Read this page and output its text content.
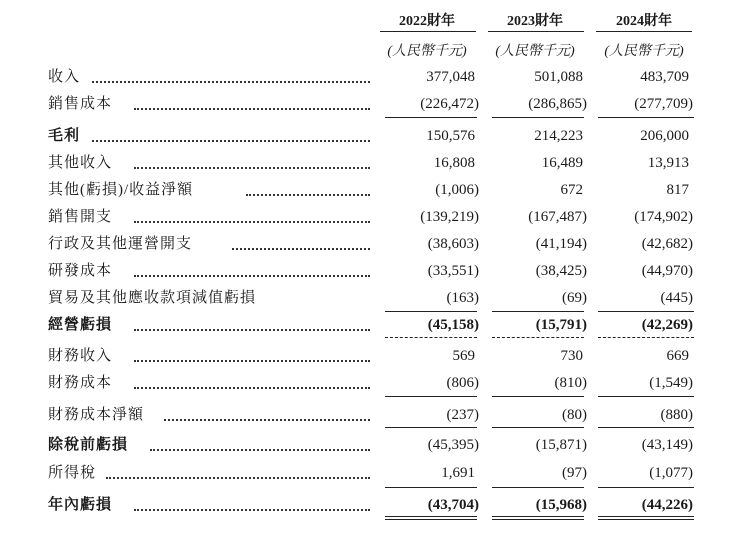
2022財年	2023財年	2024財年
(人民幣千元)	(人民幣千元)	(人民幣千元)
收入	377,048	501,088	483,709
銷售成本	(226,472)	(286,865)	(277,709)
毛利	150,576	214,223	206,000
其他收入	16,808	16,489	13,913
其他(虧損)/收益淨額	(1,006)	672	817
銷售開支	(139,219)	(167,487)	(174,902)
行政及其他運營開支	(38,603)	(41,194)	(42,682)
研發成本	(33,551)	(38,425)	(44,970)
貿易及其他應收款項減值虧損	(163)	(69)	(445)
經營虧損	(45,158)	(15,791)	(42,269)
財務收入	569	730	669
財務成本	(806)	(810)	(1,549)
財務成本淨額	(237)	(80)	(880)
除稅前虧損	(45,395)	(15,871)	(43,149)
所得稅	1,691	(97)	(1,077)
年內虧損	(43,704)	(15,968)	(44,226)
